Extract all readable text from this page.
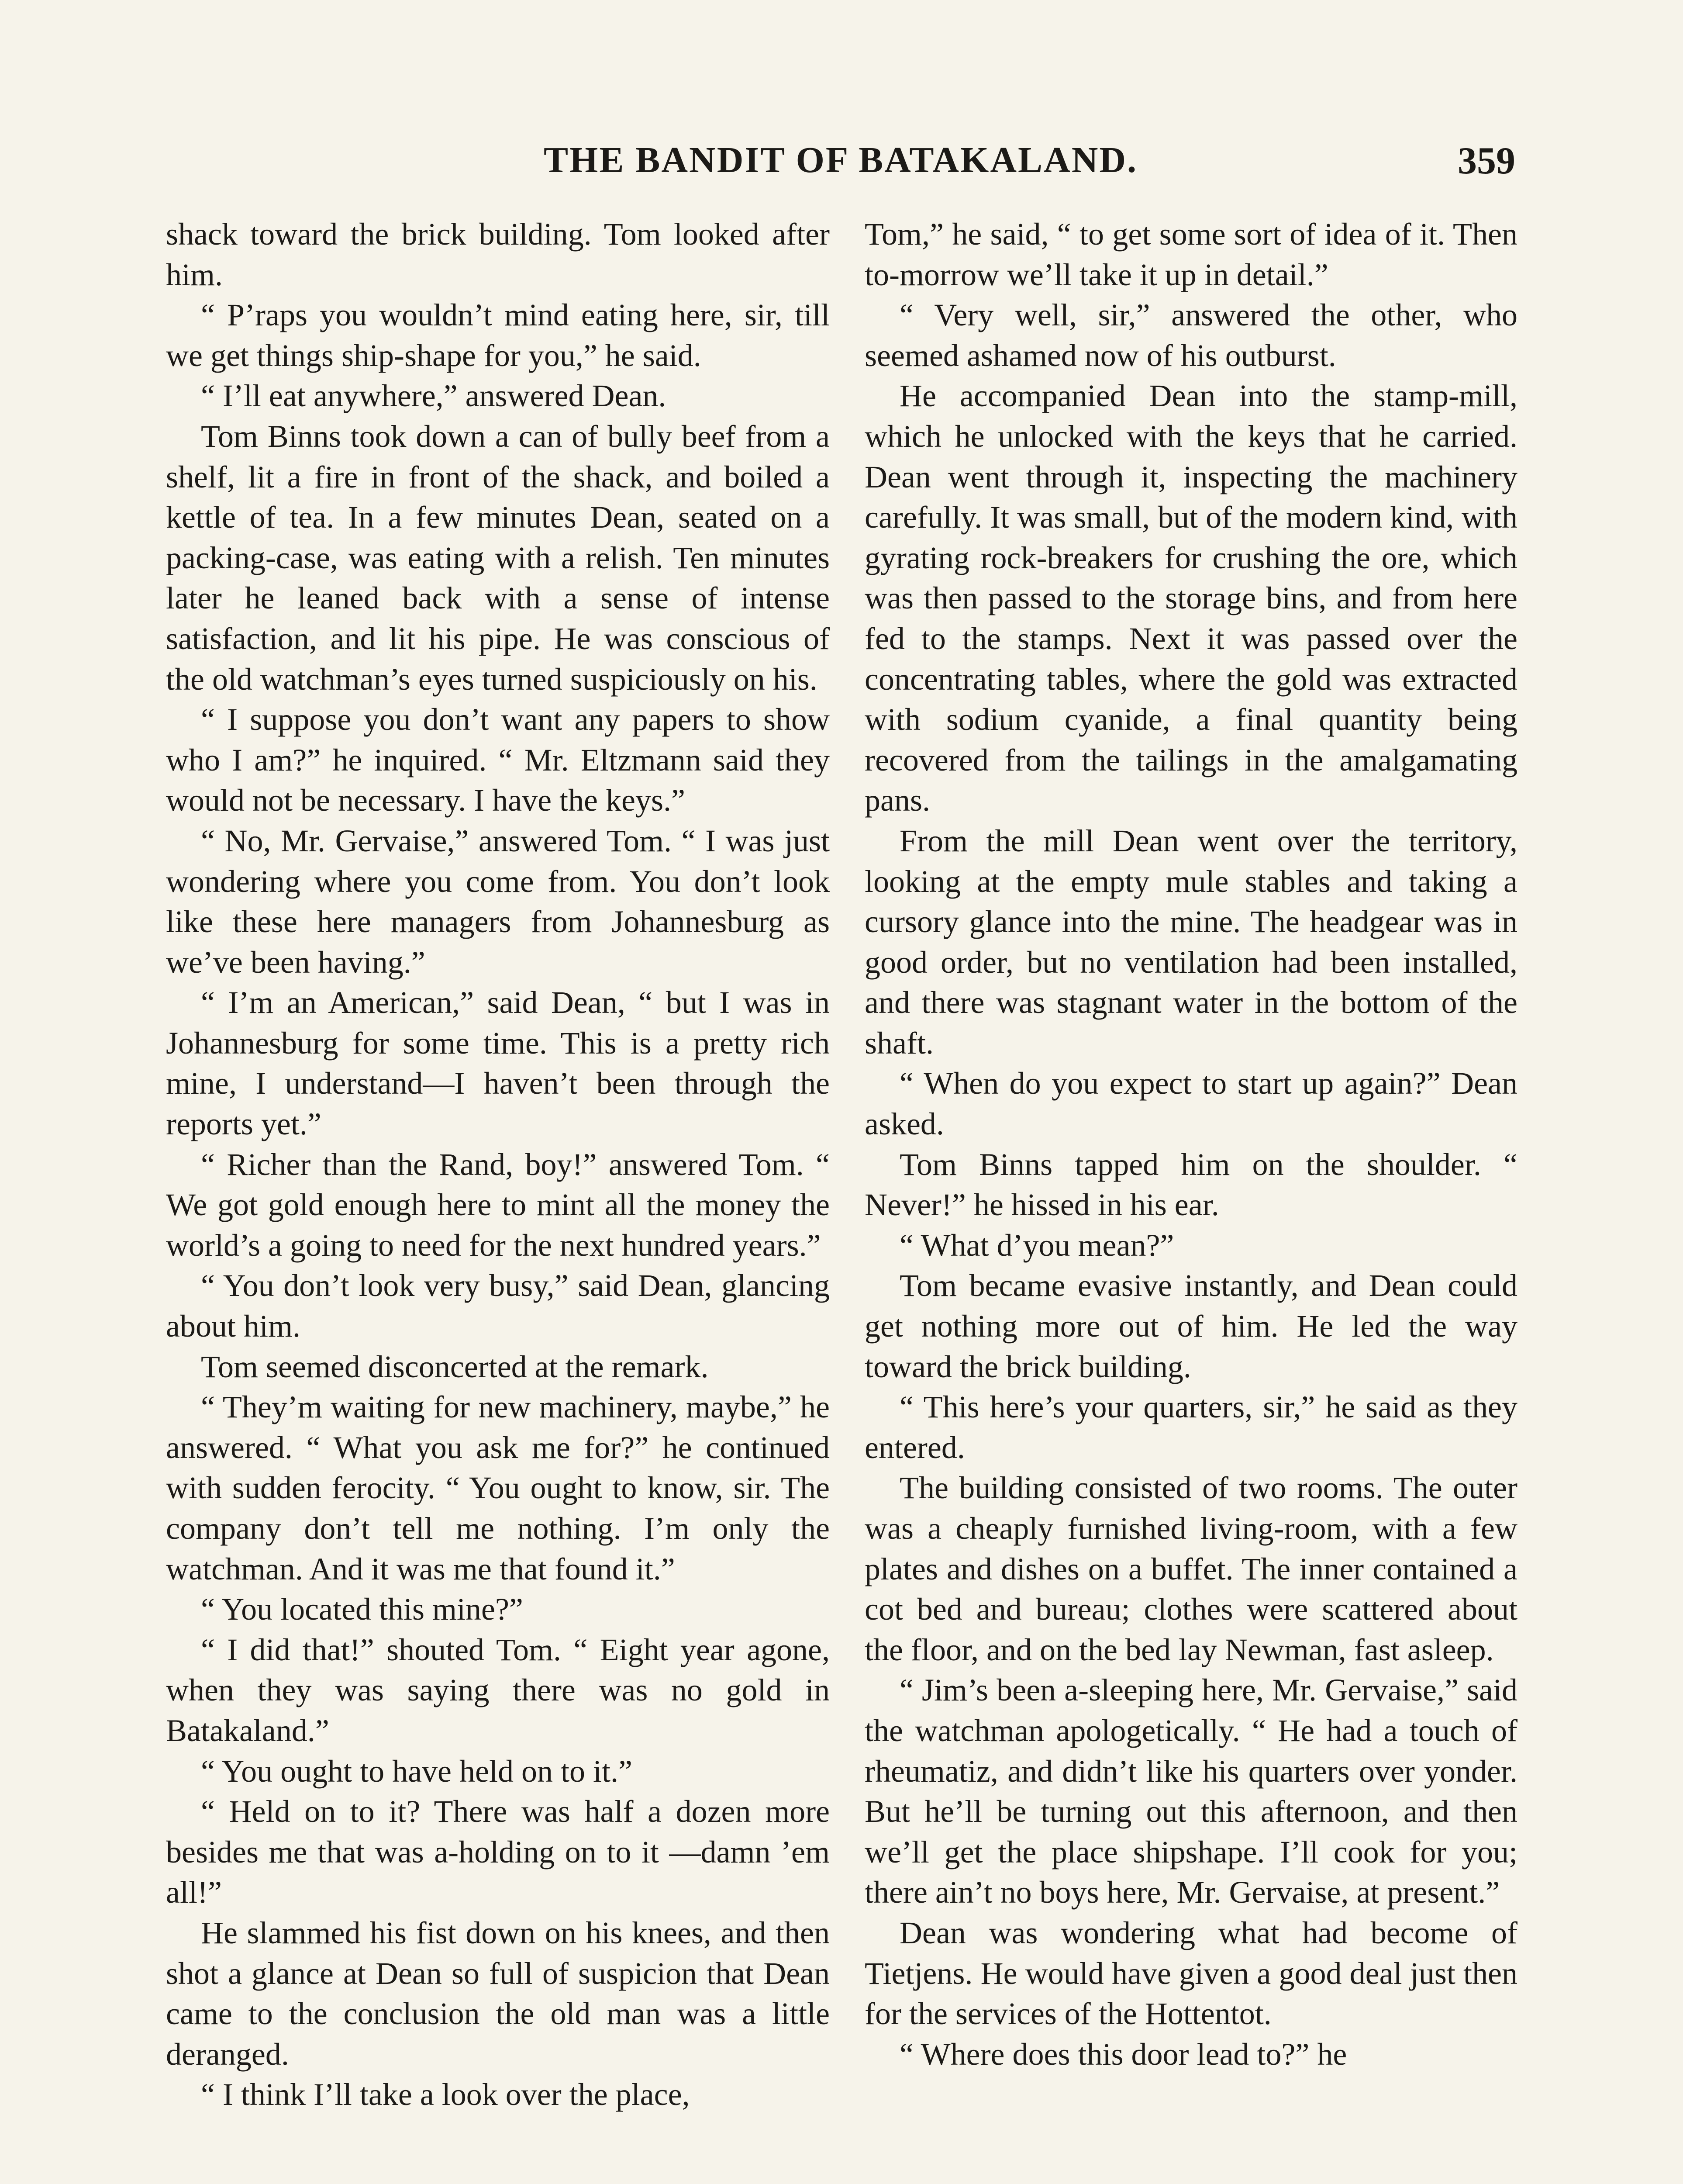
THE BANDIT OF BATAKALAND.	359

shack toward the brick building. Tom looked after him.

“ P’raps you wouldn’t mind eating here, sir, till we get things ship-shape for you,” he said.

“ I’ll eat anywhere,” answered Dean.

Tom Binns took down a can of bully beef from a shelf, lit a fire in front of the shack, and boiled a kettle of tea. In a few minutes Dean, seated on a packing-case, was eating with a relish. Ten minutes later he leaned back with a sense of intense satisfaction, and lit his pipe. He was conscious of the old watchman’s eyes turned suspiciously on his.

“ I suppose you don’t want any papers to show who I am?” he inquired. “ Mr. Eltzmann said they would not be necessary. I have the keys.”

“ No, Mr. Gervaise,” answered Tom. “ I was just wondering where you come from. You don’t look like these here managers from Johannesburg as we’ve been having.”

“ I’m an American,” said Dean, “ but I was in Johannesburg for some time. This is a pretty rich mine, I understand—I haven’t been through the reports yet.”

“ Richer than the Rand, boy!” answered Tom. “ We got gold enough here to mint all the money the world’s a going to need for the next hundred years.”

“ You don’t look very busy,” said Dean, glancing about him.

Tom seemed disconcerted at the remark.

“ They’m waiting for new machinery, maybe,” he answered. “ What you ask me for?” he continued with sudden ferocity. “ You ought to know, sir. The company don’t tell me nothing. I’m only the watchman. And it was me that found it.”

“ You located this mine?”

“ I did that!” shouted Tom. “ Eight year agone, when they was saying there was no gold in Batakaland.”

“ You ought to have held on to it.”

“ Held on to it? There was half a dozen more besides me that was a-holding on to it —damn ’em all!”

He slammed his fist down on his knees, and then shot a glance at Dean so full of suspicion that Dean came to the conclusion the old man was a little deranged.

“ I think I’ll take a look over the place,

Tom,” he said, “ to get some sort of idea of it. Then to-morrow we’ll take it up in detail.”

“ Very well, sir,” answered the other, who seemed ashamed now of his outburst.

He accompanied Dean into the stamp-mill, which he unlocked with the keys that he carried. Dean went through it, inspecting the machinery carefully. It was small, but of the modern kind, with gyrating rock-breakers for crushing the ore, which was then passed to the storage bins, and from here fed to the stamps. Next it was passed over the concentrating tables, where the gold was extracted with sodium cyanide, a final quantity being recovered from the tailings in the amalgamating pans.

From the mill Dean went over the territory, looking at the empty mule stables and taking a cursory glance into the mine. The headgear was in good order, but no ventilation had been installed, and there was stagnant water in the bottom of the shaft.

“ When do you expect to start up again?” Dean asked.

Tom Binns tapped him on the shoulder. “ Never!” he hissed in his ear.

“ What d’you mean?”

Tom became evasive instantly, and Dean could get nothing more out of him. He led the way toward the brick building.

“ This here’s your quarters, sir,” he said as they entered.

The building consisted of two rooms. The outer was a cheaply furnished living-room, with a few plates and dishes on a buffet. The inner contained a cot bed and bureau; clothes were scattered about the floor, and on the bed lay Newman, fast asleep.

“ Jim’s been a-sleeping here, Mr. Gervaise,” said the watchman apologetically. “ He had a touch of rheumatiz, and didn’t like his quarters over yonder. But he’ll be turning out this afternoon, and then we’ll get the place shipshape. I’ll cook for you; there ain’t no boys here, Mr. Gervaise, at present.”

Dean was wondering what had become of Tietjens. He would have given a good deal just then for the services of the Hottentot.

“ Where does this door lead to?” he
